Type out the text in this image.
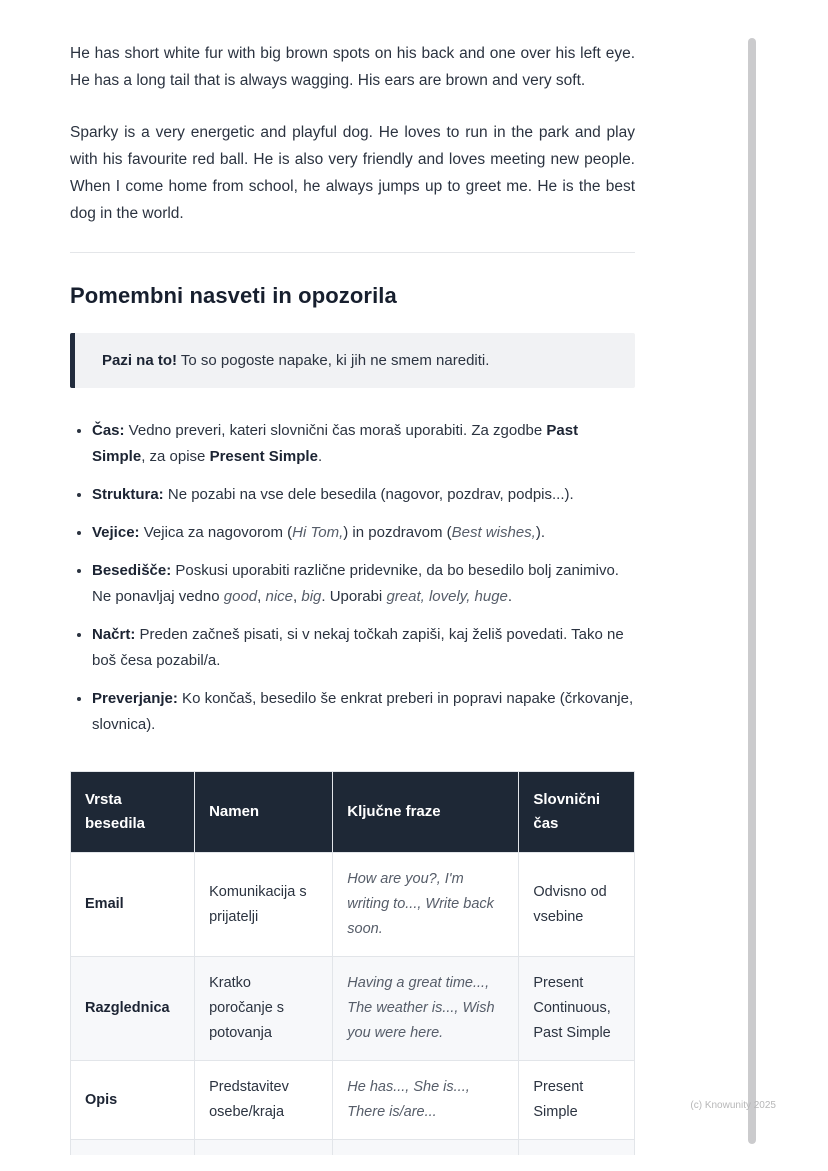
He has short white fur with big brown spots on his back and one over his left eye. He has a long tail that is always wagging. His ears are brown and very soft.

Sparky is a very energetic and playful dog. He loves to run in the park and play with his favourite red ball. He is also very friendly and loves meeting new people. When I come home from school, he always jumps up to greet me. He is the best dog in the world.

Pomembni nasveti in opozorila

Pazi na to! To so pogoste napake, ki jih ne smem narediti.

• Čas: Vedno preveri, kateri slovnični čas moraš uporabiti. Za zgodbe Past Simple, za opise Present Simple.
• Struktura: Ne pozabi na vse dele besedila (nagovor, pozdrav, podpis...).
• Vejice: Vejica za nagovorom (Hi Tom,) in pozdravom (Best wishes,).
• Besedišče: Poskusi uporabiti različne pridevnike, da bo besedilo bolj zanimivo. Ne ponavljaj vedno good, nice, big. Uporabi great, lovely, huge.
• Načrt: Preden začneš pisati, si v nekaj točkah zapiši, kaj želiš povedati. Tako ne boš česa pozabil/a.
• Preverjanje: Ko končaš, besedilo še enkrat preberi in popravi napake (črkovanje, slovnica).
Vrsta besedila	Namen	Ključne fraze	Slovnični čas
Email	Komunikacija s prijatelji	How are you?, I'm writing to..., Write back soon.	Odvisno od vsebine
Razglednica	Kratko poročanje s potovanja	Having a great time..., The weather is..., Wish you were here.	Present Continuous, Past Simple
Opis	Predstavitev osebe/kraja	He has..., She is..., There is/are...	Present Simple
				(c) Knowunity 2025
